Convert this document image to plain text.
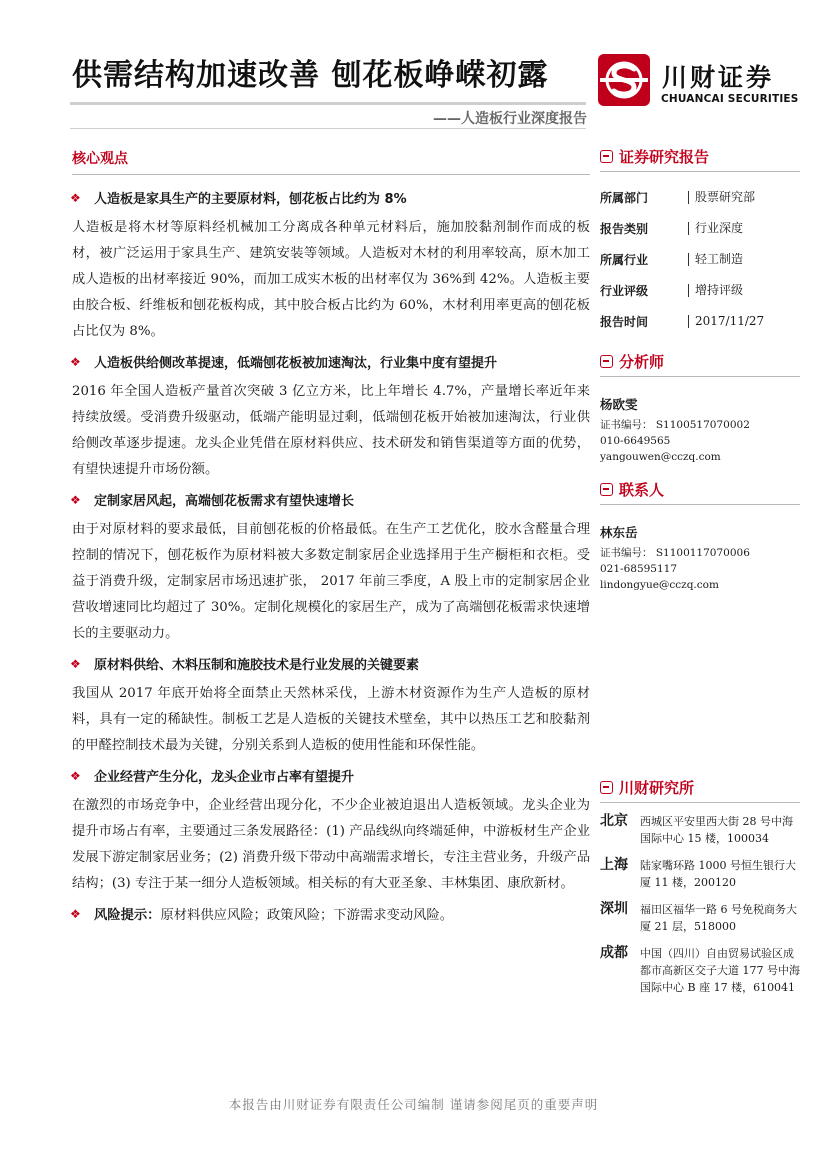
供需结构加速改善 刨花板峥嵘初露
——人造板行业深度报告
川财证券
CHUANCAI SECURITIES
核心观点
❖	人造板是家具生产的主要原材料，刨花板占比约为 8%

人造板是将木材等原料经机械加工分离成各种单元材料后，施加胶黏剂制作而成的板材，被广泛运用于家具生产、建筑安装等领域。人造板对木材的利用率较高，原木加工成人造板的出材率接近 90%，而加工成实木板的出材率仅为 36%到 42%。人造板主要由胶合板、纤维板和刨花板构成，其中胶合板占比约为 60%，木材利用率更高的刨花板占比仅为 8%。

❖	人造板供给侧改革提速，低端刨花板被加速淘汰，行业集中度有望提升

2016 年全国人造板产量首次突破 3 亿立方米，比上年增长 4.7%，产量增长率近年来持续放缓。受消费升级驱动，低端产能明显过剩，低端刨花板开始被加速淘汰，行业供给侧改革逐步提速。龙头企业凭借在原材料供应、技术研发和销售渠道等方面的优势，有望快速提升市场份额。

❖	定制家居风起，高端刨花板需求有望快速增长

由于对原材料的要求最低，目前刨花板的价格最低。在生产工艺优化，胶水含醛量合理控制的情况下，刨花板作为原材料被大多数定制家居企业选择用于生产橱柜和衣柜。受益于消费升级，定制家居市场迅速扩张， 2017 年前三季度，A 股上市的定制家居企业营收增速同比均超过了 30%。定制化规模化的家居生产，成为了高端刨花板需求快速增长的主要驱动力。

❖	原材料供给、木料压制和施胶技术是行业发展的关键要素

我国从 2017 年底开始将全面禁止天然林采伐，上游木材资源作为生产人造板的原材料，具有一定的稀缺性。制板工艺是人造板的关键技术壁垒，其中以热压工艺和胶黏剂的甲醛控制技术最为关键，分别关系到人造板的使用性能和环保性能。

❖	企业经营产生分化，龙头企业市占率有望提升

在激烈的市场竞争中，企业经营出现分化，不少企业被迫退出人造板领域。龙头企业为提升市场占有率，主要通过三条发展路径：(1) 产品线纵向终端延伸，中游板材生产企业发展下游定制家居业务；(2) 消费升级下带动中高端需求增长，专注主营业务，升级产品结构；(3) 专注于某一细分人造板领域。相关标的有大亚圣象、丰林集团、康欣新材。

❖ 风险提示： 原材料供应风险；政策风险；下游需求变动风险。
证券研究报告
所属部门	股票研究部
报告类别	行业深度
所属行业	轻工制造
行业评级	增持评级
报告时间	2017/11/27
分析师
杨欧雯
证书编号： S1100517070002
010-6649565
yangouwen@cczq.com
联系人
林东岳
证书编号： S1100117070006
021-68595117
lindongyue@cczq.com
川财研究所
北京	西城区平安里西大街 28 号中海国际中心 15 楼，100034
上海	陆家嘴环路 1000 号恒生银行大厦 11 楼，200120
深圳	福田区福华一路 6 号免税商务大厦 21 层，518000
成都	中国（四川）自由贸易试验区成都市高新区交子大道 177 号中海国际中心 B 座 17 楼，610041
本报告由川财证券有限责任公司编制 谨请参阅尾页的重要声明
